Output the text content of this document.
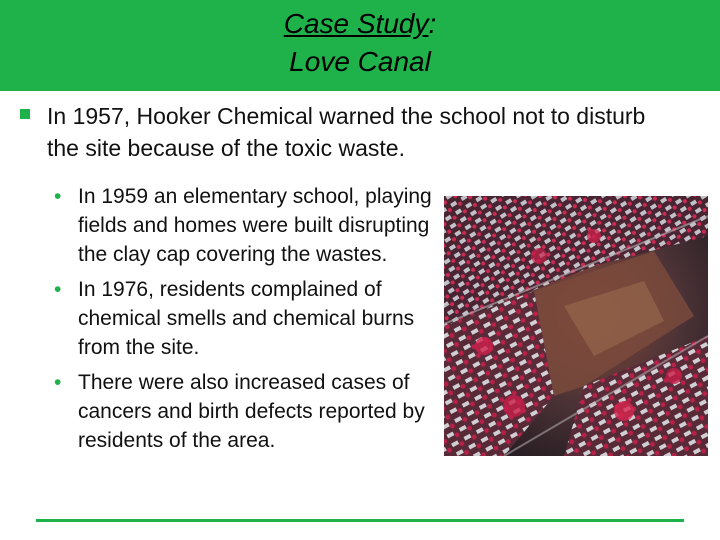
Case Study:
Love Canal
In 1957, Hooker Chemical warned the school not to disturb the site because of the toxic waste.
• In 1959 an elementary school, playing fields and homes were built disrupting the clay cap covering the wastes.
• In 1976, residents complained of chemical smells and chemical burns from the site.
• There were also increased cases of cancers and birth defects reported by residents of the area.
